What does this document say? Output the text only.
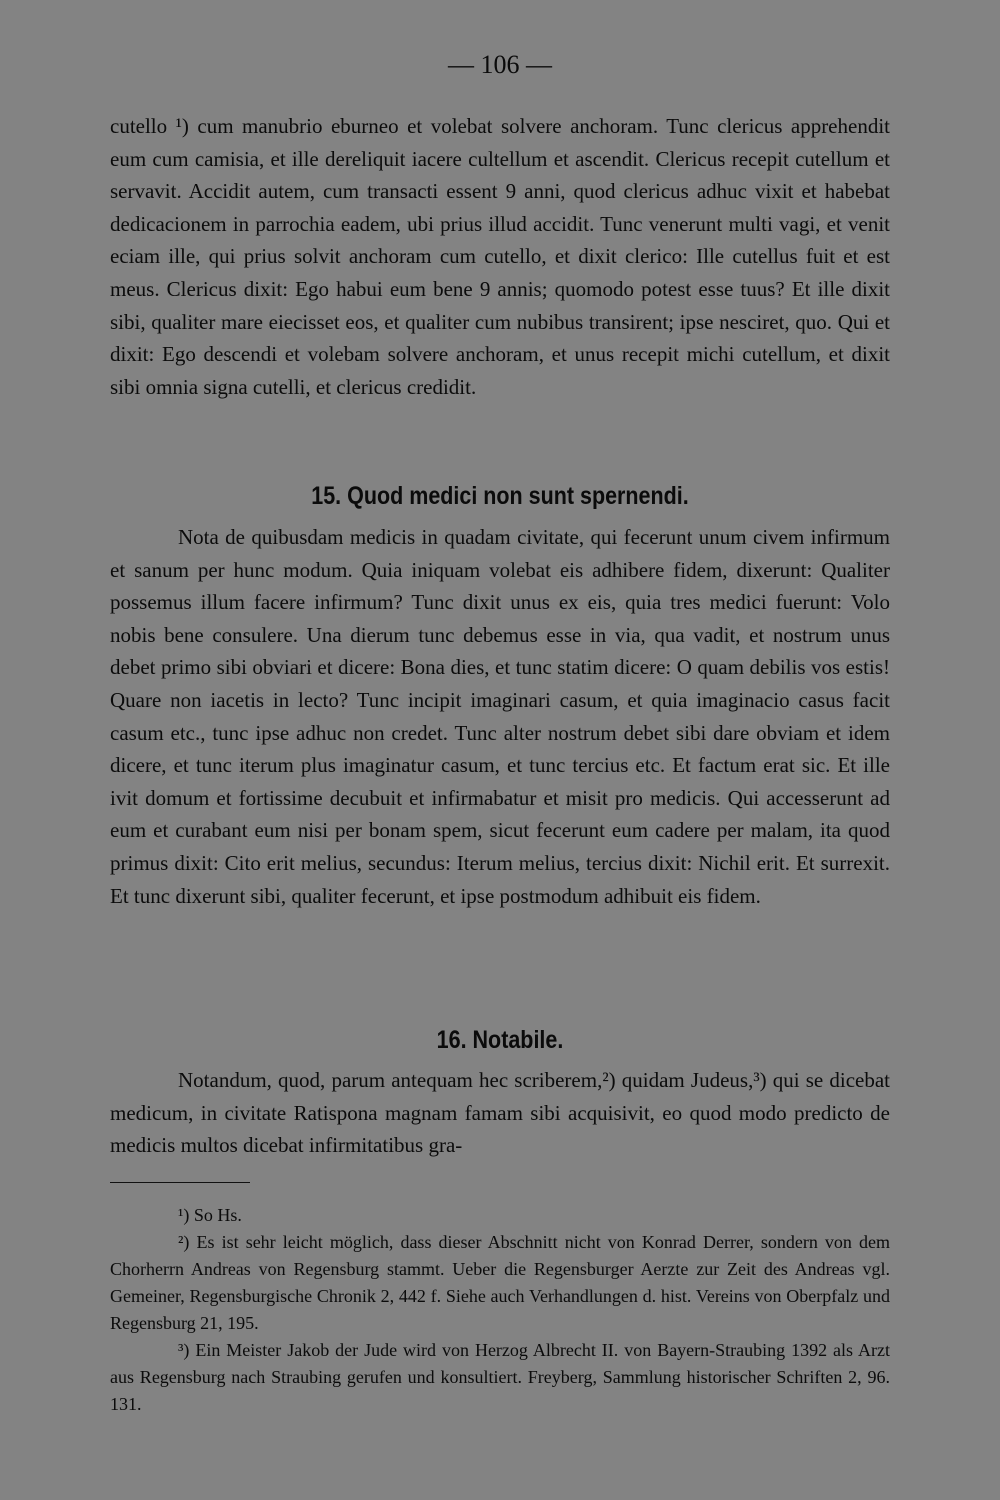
— 106 —

cutello ¹) cum manubrio eburneo et volebat solvere anchoram. Tunc clericus apprehendit eum cum camisia, et ille dereliquit iacere cultellum et ascendit. Clericus recepit cutellum et servavit. Accidit autem, cum transacti essent 9 anni, quod clericus adhuc vixit et habebat dedicacionem in parrochia eadem, ubi prius illud accidit. Tunc venerunt multi vagi, et venit eciam ille, qui prius solvit anchoram cum cutello, et dixit clerico: Ille cutellus fuit et est meus. Clericus dixit: Ego habui eum bene 9 annis; quomodo potest esse tuus? Et ille dixit sibi, qualiter mare eiecisset eos, et qualiter cum nubibus transirent; ipse nesciret, quo. Qui et dixit: Ego descendi et volebam solvere anchoram, et unus recepit michi cutellum, et dixit sibi omnia signa cutelli, et clericus credidit.

15. Quod medici non sunt spernendi.

Nota de quibusdam medicis in quadam civitate, qui fecerunt unum civem infirmum et sanum per hunc modum. Quia iniquam volebat eis adhibere fidem, dixerunt: Qualiter possemus illum facere infirmum? Tunc dixit unus ex eis, quia tres medici fuerunt: Volo nobis bene consulere. Una dierum tunc debemus esse in via, qua vadit, et nostrum unus debet primo sibi obviari et dicere: Bona dies, et tunc statim dicere: O quam debilis vos estis! Quare non iacetis in lecto? Tunc incipit imaginari casum, et quia imaginacio casus facit casum etc., tunc ipse adhuc non credet. Tunc alter nostrum debet sibi dare obviam et idem dicere, et tunc iterum plus imaginatur casum, et tunc tercius etc. Et factum erat sic. Et ille ivit domum et fortissime decubuit et infirmabatur et misit pro medicis. Qui accesserunt ad eum et curabant eum nisi per bonam spem, sicut fecerunt eum cadere per malam, ita quod primus dixit: Cito erit melius, secundus: Iterum melius, tercius dixit: Nichil erit. Et surrexit. Et tunc dixerunt sibi, qualiter fecerunt, et ipse postmodum adhibuit eis fidem.

16. Notabile.

Notandum, quod, parum antequam hec scriberem,²) quidam Judeus,³) qui se dicebat medicum, in civitate Ratispona magnam famam sibi acquisivit, eo quod modo predicto de medicis multos dicebat infirmitatibus gra-

¹) So Hs.

²) Es ist sehr leicht möglich, dass dieser Abschnitt nicht von Konrad Derrer, sondern von dem Chorherrn Andreas von Regensburg stammt. Ueber die Regensburger Aerzte zur Zeit des Andreas vgl. Gemeiner, Regensburgische Chronik 2, 442 f. Siehe auch Verhandlungen d. hist. Vereins von Oberpfalz und Regensburg 21, 195.

³) Ein Meister Jakob der Jude wird von Herzog Albrecht II. von Bayern-Straubing 1392 als Arzt aus Regensburg nach Straubing gerufen und konsultiert. Freyberg, Sammlung historischer Schriften 2, 96. 131.
